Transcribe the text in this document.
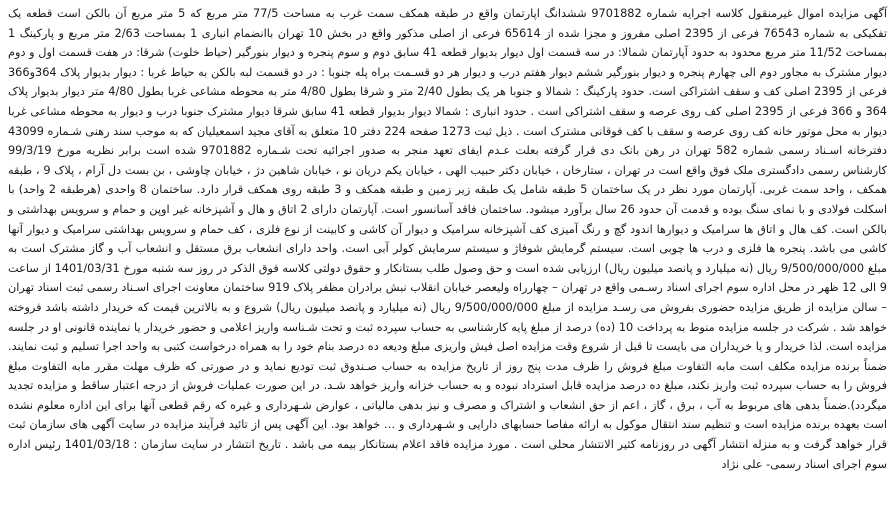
آگهی مزایده اموال غیرمنقول کلاسه اجرایه شماره 9701882 ششدانگ اپارتمان واقع در طبقه همکف سمت غرب به مساحت 77/5 متر مربع که 5 متر مربع آن بالکن است قطعه یک تفکیکی به شماره 76543 فرعی از 2395 اصلی مفروز و مجزا شده از 65614 فرعی از اصلی مذکور واقع در بخش 10 تهران باانضمام انباری 1 بمساحت 2/63 متر مربع و پارکینگ 1 بمساحت 11/52 متر مربع محدود به حدود آپارتمان شمالا: در سه قسمت اول دیوار بدیوار قطعه 41 سابق دوم و سوم پنجره و دیوار بنورگیر (حیاط خلوت) شرقا: در هفت قسمت اول و دوم دیوار مشترک به مجاور دوم الی چهارم پنجره و دیوار بنورگیر ششم دیوار هفتم درب و دیوار هر دو قسـمت براه پله جنوبا : در دو قسمت لبه بالکن به حیاط غربا : دیوار بدیوار پلاک 364و366 فرعی از 2395 اصلی کف و سقف اشتراکی است. حدود پارکینگ : شمالا و جنوبا هر یک بطول 2/40 متر و شرقا بطول 4/80 متر به محوطه مشاعی غربا بطول 4/80 متر دیوار بدیوار پلاک 364 و 366 فرعی از 2395 اصلی کف روی عرصه و سقف اشتراکی است . حدود انباری : شمالا دیوار بدیوار قطعه 41 سابق شرقا دیوار مشترک جنوبا درب و دیوار به محوطه مشاعی غربا دیوار به محل موتور خانه کف روی عرصه و سقف با کف فوقانی مشترک است . ذیل ثبت 1273 صفحه 224 دفتر 10 متعلق به آقای مجید اسمعیلیان که به موجب سند رهنی شـماره 43099 دفترخانه اسـناد رسمی شماره 582 تهران در رهن بانک دی قرار گرفته بعلت عـدم ایفای تعهد منجر به صدور اجرائیه تحت شـماره 9701882 شده است برابر نظریه مورخ 99/3/19 کارشناس رسمی دادگستری ملک فوق واقع است در تهران ، ستارخان ، خیابان دکتر حبیب الهی ، خیابان یکم دریان نو ، خیابان شاهین دژ ، خیابان چاوشی ، بن بست دل آرام ، پلاک 9 ، طبقه همکف ، واحد سمت غربی. آپارتمان مورد نظر در یک ساختمان 5 طبقه شامل یک طبقه زیر زمین و طبقه همکف و 3 طبقه روی همکف قرار دارد. ساختمان 8 واحدی (هرطبقه 2 واحد) با اسکلت فولادی و با نمای سنگ بوده و قدمت آن حدود 26 سال برآورد میشود. ساختمان فاقد آسانسور است. آپارتمان دارای 2 اتاق و هال و آشپزخانه غیر اوپن و حمام و سرویس بهداشتی و بالکن است. کف هال و اتاق ها سرامیک و دیوارها اندود گچ و رنگ آمیزی کف آشپزخانه سرامیک و دیوار آن کاشی و کابینت از نوع فلزی ، کف حمام و سرویس بهداشتی سرامیک و دیوار آنها کاشی می باشد. پنجره ها فلزی و درب ها چوبی است. سیستم گرمایش شوفاژ و سیستم سرمایش کولر آبی است. واحد دارای انشعاب برق مستقل و انشعاب آب و گاز مشترک است به مبلغ 9/500/000/000 ریال (نه میلیارد و پانصد میلیون ریال) ارزیابی شده است و حق وصول طلب بستانکار و حقوق دولتی کلاسه فوق الذکر در روز سه شنبه مورخ 1401/03/31 از ساعت 9 الی 12 ظهر در محل اداره سوم اجرای اسناد رسـمی واقع در تهران – چهارراه ولیعصر خیابان انقلاب نبش برادران مظفر پلاک 919 ساختمان معاونت اجرای اسـناد رسمی ثبت اسناد تهران – سالن مزایده از طریق مزایده حضوری بفروش می رسـد مزایده از مبلغ 9/500/000/000 ریال (نه میلیارد و پانصد میلیون ریال) شروع و به بالاترین قیمت که خریدار داشته باشد فروخته خواهد شد . شرکت در جلسه مزایده منوط به پرداخت 10 (ده) درصد از مبلغ پایه کارشناسی به حساب سپرده ثبت و تحت شـناسه واریز اعلامی و حضور خریدار یا نماینده قانونی او در جلسه مزایده است. لذا خریدار و یا خریداران می بایست تا قبل از شروع وقت مزایده اصل فیش واریزی مبلغ ودیعه ده درصد بنام خود را به همراه درخواست کتبی به واحد اجرا تسلیم و ثبت نمایند. ضمناً برنده مزایده مکلف است مابه التفاوت مبلغ فروش را ظرف مدت پنج روز از تاریخ مزایده به حساب صـندوق ثبت تودیع نماید و در صورتی که ظرف مهلت مقرر مابه التفاوت مبلغ فروش را به حساب سپرده ثبت واریز نکند، مبلغ ده درصد مزایده قابل استرداد نبوده و به حساب خزانه واریز خواهد شـد. در این صورت عملیات فروش از درجه اعتبار ساقط و مزایده تجدید میگردد).ضمناً بدهی های مربوط به آب ، برق ، گاز ، اعم از حق انشعاب و اشتراک و مصرف و نیز بدهی مالیاتی ، عوارض شـهرداری و غیره که رقم قطعی آنها برای این اداره معلوم نشده است بعهده برنده مزایده است و تنظیم سند انتقال موکول به ارائه مفاصا حسابهای دارایی و شـهرداری و … خواهد بود. این آگهی پس از تائید فرآیند مزایده در سایت آگهی های سازمان ثبت قرار خواهد گرفت و به منزله انتشار آگهی در روزنامه کثیر الانتشار محلی است . مورد مزایده فاقد اعلام بستانکار بیمه می باشد . تاریخ انتشار در سایت سازمان : 1401/03/18 رئیس اداره سوم اجرای اسناد رسمی- علی نژاد
